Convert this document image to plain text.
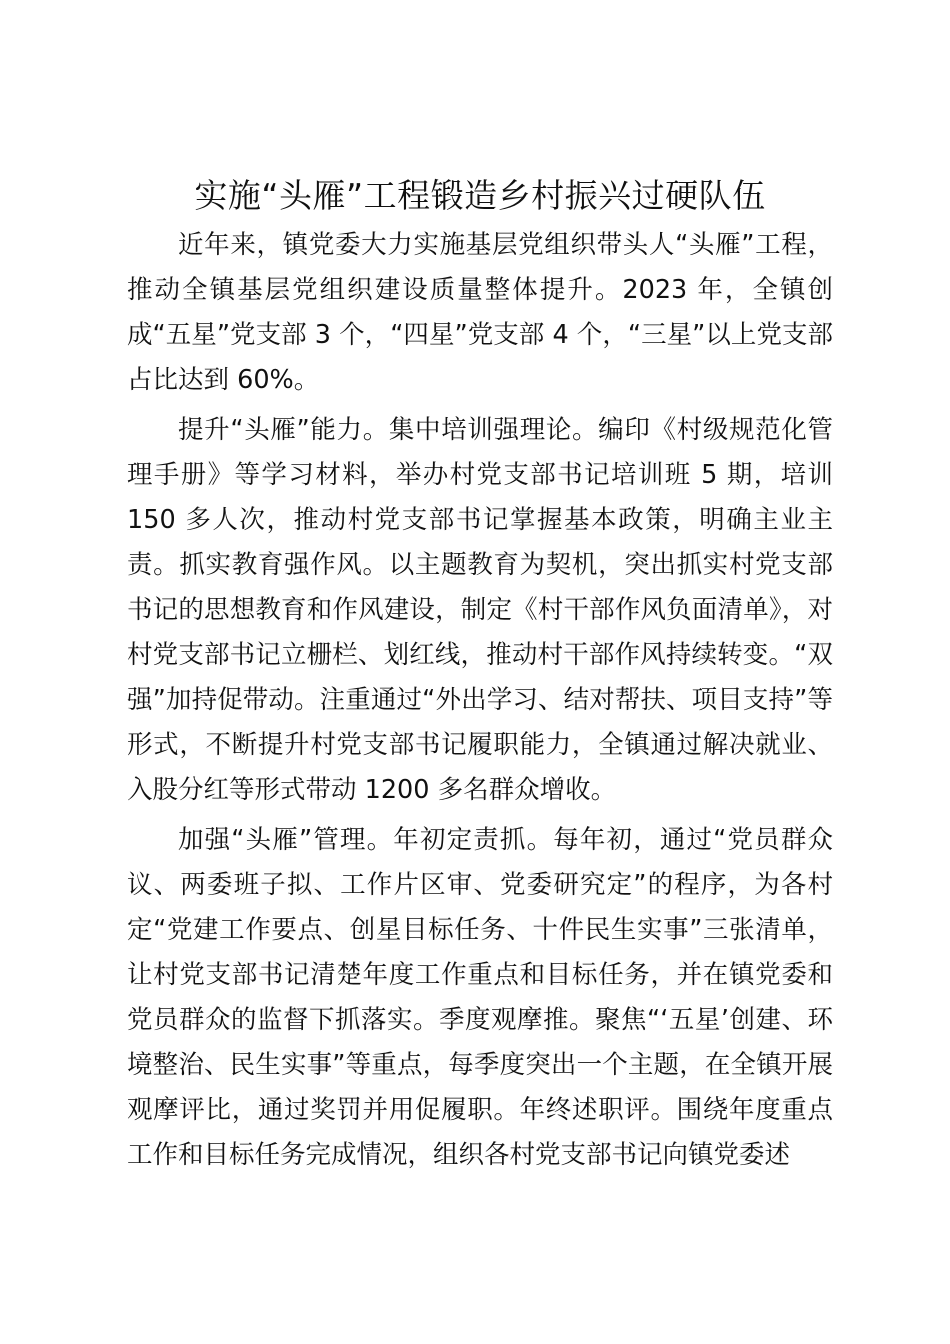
实施“头雁”工程锻造乡村振兴过硬队伍

近年来，镇党委大力实施基层党组织带头人“头雁”工程，推动全镇基层党组织建设质量整体提升。2023 年，全镇创成“五星”党支部 3 个，“四星”党支部 4 个，“三星”以上党支部占比达到 60%。

提升“头雁”能力。集中培训强理论。编印《村级规范化管理手册》等学习材料，举办村党支部书记培训班 5 期，培训 150 多人次，推动村党支部书记掌握基本政策，明确主业主责。抓实教育强作风。以主题教育为契机，突出抓实村党支部书记的思想教育和作风建设，制定《村干部作风负面清单》，对村党支部书记立栅栏、划红线，推动村干部作风持续转变。“双强”加持促带动。注重通过“外出学习、结对帮扶、项目支持”等形式，不断提升村党支部书记履职能力，全镇通过解决就业、入股分红等形式带动 1200 多名群众增收。

加强“头雁”管理。年初定责抓。每年初，通过“党员群众议、两委班子拟、工作片区审、党委研究定”的程序，为各村定“党建工作要点、创星目标任务、十件民生实事”三张清单，让村党支部书记清楚年度工作重点和目标任务，并在镇党委和党员群众的监督下抓落实。季度观摩推。聚焦“‘五星’创建、环境整治、民生实事”等重点，每季度突出一个主题，在全镇开展观摩评比，通过奖罚并用促履职。年终述职评。围绕年度重点工作和目标任务完成情况，组织各村党支部书记向镇党委述
